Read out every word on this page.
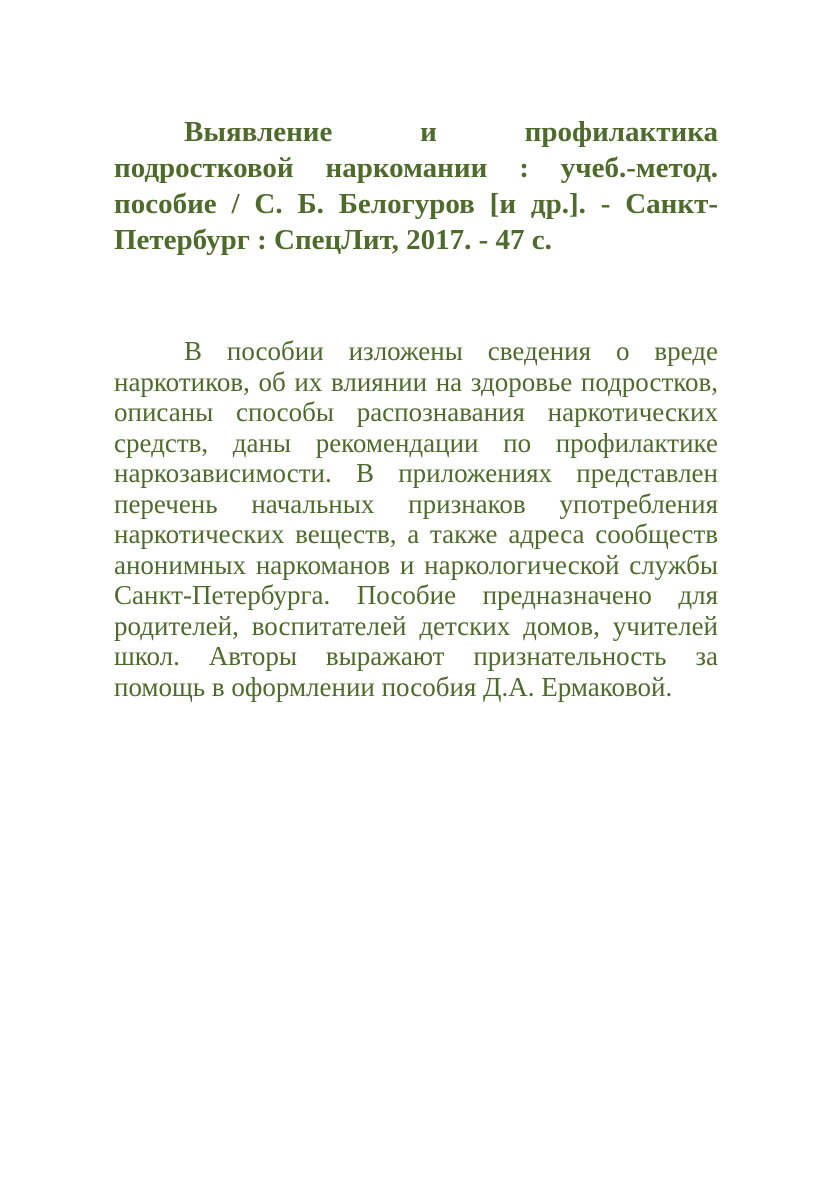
Выявление и профилактика подростковой наркомании : учеб.-метод. пособие / С. Б. Белогуров [и др.]. - Санкт-Петербург : СпецЛит, 2017. - 47 с.

В пособии изложены сведения о вреде наркотиков, об их влиянии на здоровье подростков, описаны способы распознавания наркотических средств, даны рекомендации по профилактике наркозависимости. В приложениях представлен перечень начальных признаков употребления наркотических веществ, а также адреса сообществ анонимных наркоманов и наркологической службы Санкт-Петербурга. Пособие предназначено для родителей, воспитателей детских домов, учителей школ. Авторы выражают признательность за помощь в оформлении пособия Д.А. Ермаковой.
